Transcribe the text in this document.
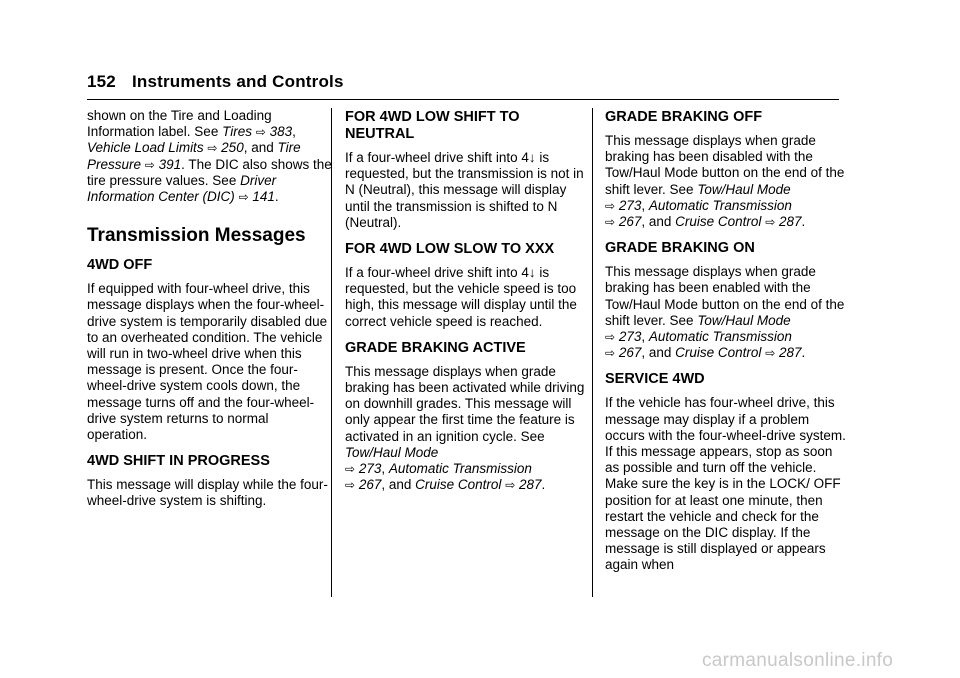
152 Instruments and Controls

shown on the Tire and Loading Information label. See Tires ⇨ 383, Vehicle Load Limits ⇨ 250, and Tire Pressure ⇨ 391. The DIC also shows the tire pressure values. See Driver Information Center (DIC) ⇨ 141.

Transmission Messages
4WD OFF

If equipped with four-wheel drive, this message displays when the four-wheel-drive system is temporarily disabled due to an overheated condition. The vehicle will run in two-wheel drive when this message is present. Once the four-wheel-drive system cools down, the message turns off and the four-wheel-drive system returns to normal operation.

4WD SHIFT IN PROGRESS

This message will display while the four-wheel-drive system is shifting.

FOR 4WD LOW SHIFT TO NEUTRAL

If a four-wheel drive shift into 4↓ is requested, but the transmission is not in N (Neutral), this message will display until the transmission is shifted to N (Neutral).

FOR 4WD LOW SLOW TO XXX

If a four-wheel drive shift into 4↓ is requested, but the vehicle speed is too high, this message will display until the correct vehicle speed is reached.

GRADE BRAKING ACTIVE

This message displays when grade braking has been activated while driving on downhill grades. This message will only appear the first time the feature is activated in an ignition cycle. See Tow/Haul Mode
⇨ 273, Automatic Transmission
⇨ 267, and Cruise Control ⇨ 287.

GRADE BRAKING OFF

This message displays when grade braking has been disabled with the Tow/Haul Mode button on the end of the shift lever. See Tow/Haul Mode
⇨ 273, Automatic Transmission
⇨ 267, and Cruise Control ⇨ 287.

GRADE BRAKING ON

This message displays when grade braking has been enabled with the Tow/Haul Mode button on the end of the shift lever. See Tow/Haul Mode
⇨ 273, Automatic Transmission
⇨ 267, and Cruise Control ⇨ 287.

SERVICE 4WD

If the vehicle has four-wheel drive, this message may display if a problem occurs with the four-wheel-drive system. If this message appears, stop as soon as possible and turn off the vehicle. Make sure the key is in the LOCK/ OFF position for at least one minute, then restart the vehicle and check for the message on the DIC display. If the message is still displayed or appears again when

carmanualsonline.info
